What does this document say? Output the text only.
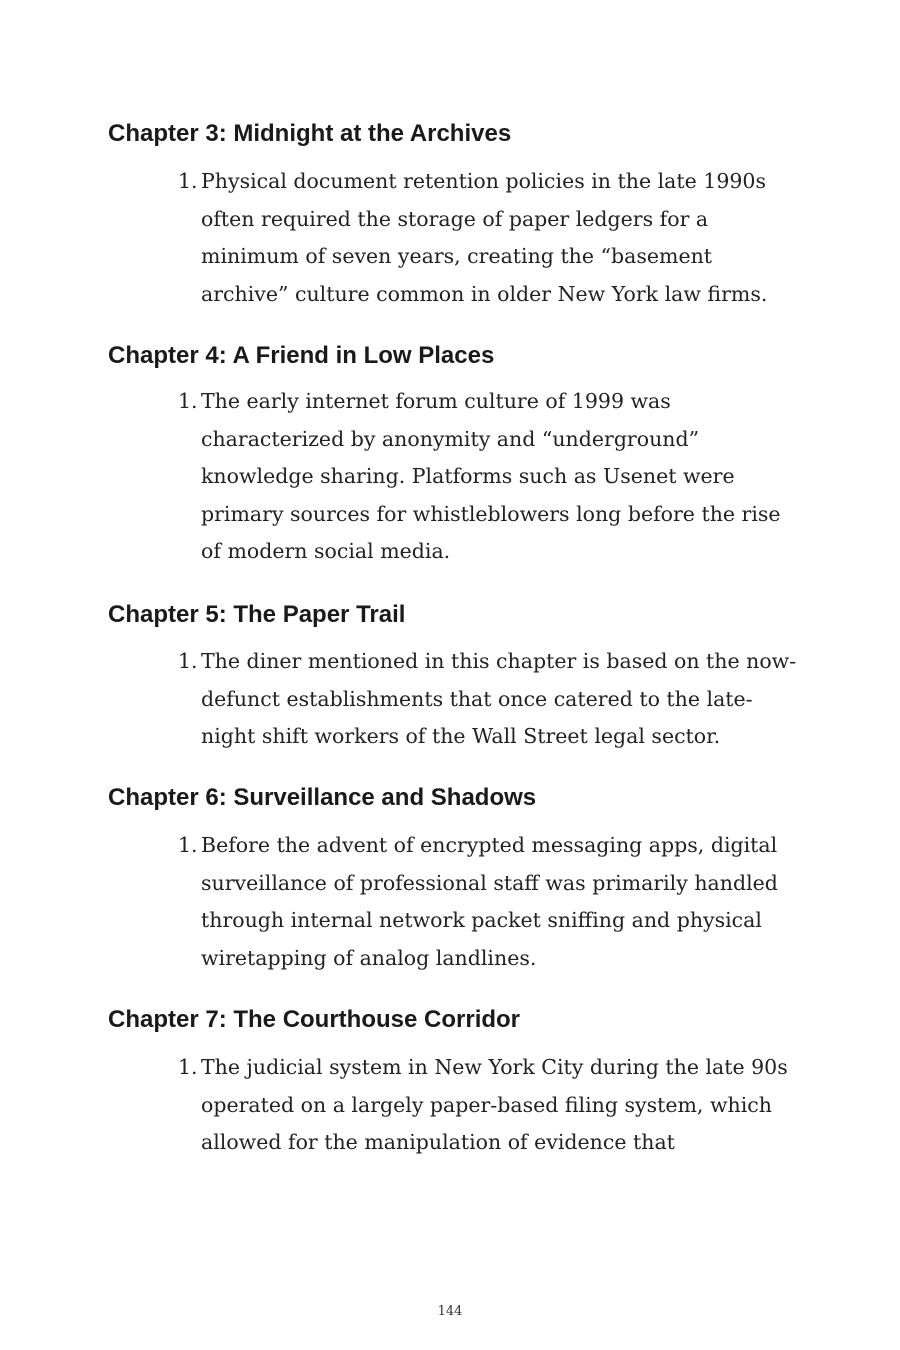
Chapter 3: Midnight at the Archives
1. Physical document retention policies in the late 1990s often required the storage of paper ledgers for a minimum of seven years, creating the “basement archive” culture common in older New York law firms.
Chapter 4: A Friend in Low Places
1. The early internet forum culture of 1999 was characterized by anonymity and “underground” knowledge sharing. Platforms such as Usenet were primary sources for whistleblowers long before the rise of modern social media.
Chapter 5: The Paper Trail
1. The diner mentioned in this chapter is based on the now-defunct establishments that once catered to the late-night shift workers of the Wall Street legal sector.
Chapter 6: Surveillance and Shadows
1. Before the advent of encrypted messaging apps, digital surveillance of professional staff was primarily handled through internal network packet sniffing and physical wiretapping of analog landlines.
Chapter 7: The Courthouse Corridor
1. The judicial system in New York City during the late 90s operated on a largely paper-based filing system, which allowed for the manipulation of evidence that
144
